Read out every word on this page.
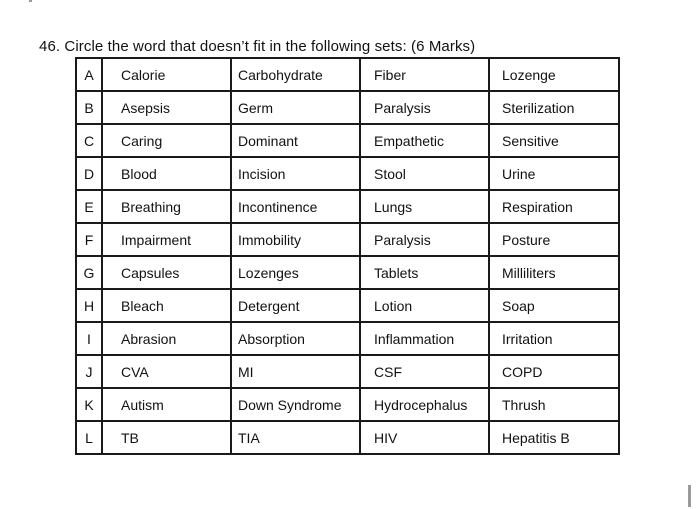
46. Circle the word that doesn’t fit in the following sets: (6 Marks)
A	Calorie	Carbohydrate	Fiber	Lozenge
B	Asepsis	Germ	Paralysis	Sterilization
C	Caring	Dominant	Empathetic	Sensitive
D	Blood	Incision	Stool	Urine
E	Breathing	Incontinence	Lungs	Respiration
F	Impairment	Immobility	Paralysis	Posture
G	Capsules	Lozenges	Tablets	Milliliters
H	Bleach	Detergent	Lotion	Soap
I	Abrasion	Absorption	Inflammation	Irritation
J	CVA	MI	CSF	COPD
K	Autism	Down Syndrome	Hydrocephalus	Thrush
L	TB	TIA	HIV	Hepatitis B
